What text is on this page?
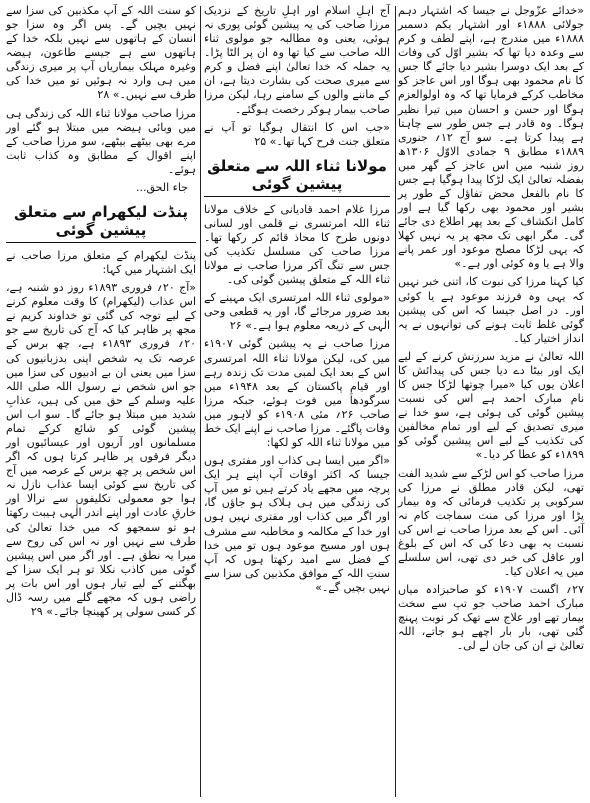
«خدائے عزّوجل نے جیسا کہ اشتہار دہم جولائی ۱۸۸۸ء اور اشتہار یکم دسمبر ۱۸۸۸ء میں مندرج ہے، اپنے لطف و کرم سے وعدہ دیا تھا کہ بشیر اوّل کی وفات کے بعد ایک دوسرا بشیر دیا جائے گا جس کا نام محمود بھی ہوگا اور اس عاجز کو مخاطب کرکے فرمایا تھا کہ وہ اولوالعزم ہوگا اور حسن و احسان میں تیرا نظیر ہوگا۔ وہ قادر ہے جس طور سے چاہتا ہے پیدا کرتا ہے۔ سو آج ۱۲؍ جنوری ۱۸۸۹ء مطابق ۹ جمادی الاوّل ۱۳۰۶ھ روز شنبہ میں اس عاجز کے گھر میں بفضلہ تعالیٰ ایک لڑکا پیدا ہوگیا ہے جس کا نام بالفعل محض تفاؤل کے طور پر بشیر اور محمود بھی رکھا گیا ہے اور کامل انکشاف کے بعد پھر اطلاع دی جائے گی۔ مگر ابھی تک مجھ پر یہ نہیں کھلا کہ یہی لڑکا مصلح موعود اور عمر پانے والا ہے یا وہ کوئی اور ہے۔»

کیا کہنا مرزا کی نبوت کا، اتنی خبر نہیں کہ یہی وہ فرزند موعود ہے یا کوئی اور۔ در اصل جیسا کہ اس کی پیشین گوئی غلط ثابت ہونے کی توانہوں نے یہ انداز اختیار کیا۔

اللہ تعالیٰ نے مزید سرزنش کرنے کے لیے ایک اور بیٹا دے دیا جس کی پیدائش کا اعلان یوں کیا «میرا چوتھا لڑکا جس کا نام مبارک احمد ہے اس کی نسبت پیشین گوئی کی ہوئی ہے، سو خدا نے میری تصدیق کے لیے اور تمام مخالفین کی تکذیب کے لیے اس پیشین گوئی کو ۱۸۹۹ء کو عطا کر دیا۔»

مرزا صاحب کو اس لڑکے سے شدید الفت تھی، لیکن قادر مطلق نے مرزا کی سرکوبی پر تکذیب فرمائی کہ وہ بیمار پڑا اور مرزا کی منت سماجت کام نہ آئی۔ اس کے بعد مرزا صاحب نے اس کی نسبت یہ بھی دعا کی کہ اس کے بلوغ اور عاقل کی خبر دی تھی، اس سلسلے میں یہ اعلان کیا۔

۲۷؍ اگست ۱۹۰۷ء کو صاحبزادہ میاں مبارک احمد صاحب جو تپ سے سخت بیمار تھے اور علاج سے تھک کر نوبت پہنچ گئی تھی، بار بار اچھے ہو جاتے، اللہ تعالیٰ نے ان کی جان لے لی۔

آج اہلِ اسلام اور اہلِ تاریخ کے نزدیک مرزا صاحب کی یہ پیشین گوئی پوری نہ ہوئی، یعنی وہ مطالبہ جو مولوی ثناء اللہ صاحب سے کیا تھا وہ ان پر الٹا پڑا۔ یہ جملہ کہ خدا تعالیٰ اپنے فضل و کرم سے میری صحت کی بشارت دیتا ہے، ان کے ماننے والوں کے سامنے رہا، لیکن مرزا صاحب بیمار ہوکر رخصت ہوگئے۔

«جب اس کا انتقال ہوگیا تو آپ نے متعلق جنت فرح کہا تھا۔» ۲۵

مولانا ثناء اللہ سے متعلق پیشین گوئی

مرزا غلام احمد قادیانی کے خلاف مولانا ثناء اللہ امرتسری نے قلمی اور لسانی دونوں طرح کا محاذ قائم کر رکھا تھا۔ مرزا صاحب کی مسلسل تکذیب کی جس سے تنگ آکر مرزا صاحب نے مولانا ثناء اللہ کے متعلق پیشین گوئی کی۔

«مولوی ثناء اللہ امرتسری ایک مہینے کے بعد ضرور مرجائے گا، اور یہ قطعی وحی الٰہی کے ذریعہ معلوم ہوا ہے۔» ۲۶

مرزا صاحب نے یہ پیشین گوئی ۱۹۰۷ء میں کی، لیکن مولانا ثناء اللہ امرتسری اس کے بعد ایک لمبی مدت تک زندہ رہے اور قیامِ پاکستان کے بعد ۱۹۴۸ء میں سرگودھا میں فوت ہوئے، جبکہ مرزا صاحب ۲۶؍ مئی ۱۹۰۸ء کو لاہور میں وفات پاگئے۔ مرزا صاحب نے اپنے ایک خط میں مولانا ثناء اللہ کو لکھا:

«اگر میں ایسا ہی کذاب اور مفتری ہوں جیسا کہ اکثر اوقات آپ اپنے ہر ایک پرچہ میں مجھے یاد کرتے ہیں تو میں آپ کی زندگی میں ہی ہلاک ہو جاؤں گا، اور اگر میں کذاب اور مفتری نہیں ہوں اور خدا کے مکالمہ و مخاطبہ سے مشرف ہوں اور مسیح موعود ہوں تو میں خدا کے فضل سے امید رکھتا ہوں کہ آپ سنتِ اللہ کے موافق مکذبین کی سزا سے نہیں بچیں گے۔»

کو سنت اللہ کے آپ مکذبین کی سزا سے نہیں بچیں گے۔ پس اگر وہ سزا جو انسان کے ہاتھوں سے نہیں بلکہ خدا کے ہاتھوں سے ہے جیسے طاعون، ہیضہ وغیرہ مہلک بیماریاں آپ پر میری زندگی میں ہی وارد نہ ہوئیں تو میں خدا کی طرف سے نہیں۔» ۲۸

مرزا صاحب مولانا ثناء اللہ کی زندگی ہی میں وبائی ہیضہ میں مبتلا ہو گئے اور مرے بھی بیٹھے بیٹھے، سو مرزا صاحب کے اپنے اقوال کے مطابق وہ کذاب ثابت ہوئے۔

جاء الحق...

پنڈت لیکھرام سے متعلق پیشین گوئی

پنڈت لیکھرام کے متعلق مرزا صاحب نے ایک اشتہار میں کہا:

«آج ۲۰؍ فروری ۱۸۹۳ء روز دو شنبہ ہے، اس عذاب (لیکھرام) کا وقت معلوم کرنے کے لیے توجہ کی گئی تو خداوند کریم نے مجھ پر ظاہر کیا کہ آج کی تاریخ سے جو ۲۰؍ فروری ۱۸۹۳ء ہے، چھ برس کے عرصہ تک یہ شخص اپنی بدزبانیوں کی سزا میں یعنی ان بے ادبیوں کی سزا میں جو اس شخص نے رسول اللہ صلی اللہ علیہ وسلم کے حق میں کی ہیں، عذابِ شدید میں مبتلا ہو جائے گا۔ سو اب اس پیشین گوئی کو شائع کرکے تمام مسلمانوں اور آریوں اور عیسائیوں اور دیگر فرقوں پر ظاہر کرتا ہوں کہ اگر اس شخص پر چھ برس کے عرصہ میں آج کی تاریخ سے کوئی ایسا عذاب نازل نہ ہوا جو معمولی تکلیفوں سے نرالا اور خارقِ عادت اور اپنے اندر الٰہی ہیبت رکھتا ہو تو سمجھو کہ میں خدا تعالیٰ کی طرف سے نہیں اور نہ اس کی روح سے میرا یہ نطق ہے۔ اور اگر میں اس پیشین گوئی میں کاذب نکلا تو ہر ایک سزا کے بھگتنے کے لیے تیار ہوں اور اس بات پر راضی ہوں کہ مجھے گلے میں رسہ ڈال کر کسی سولی پر کھینچا جائے۔» ۲۹
